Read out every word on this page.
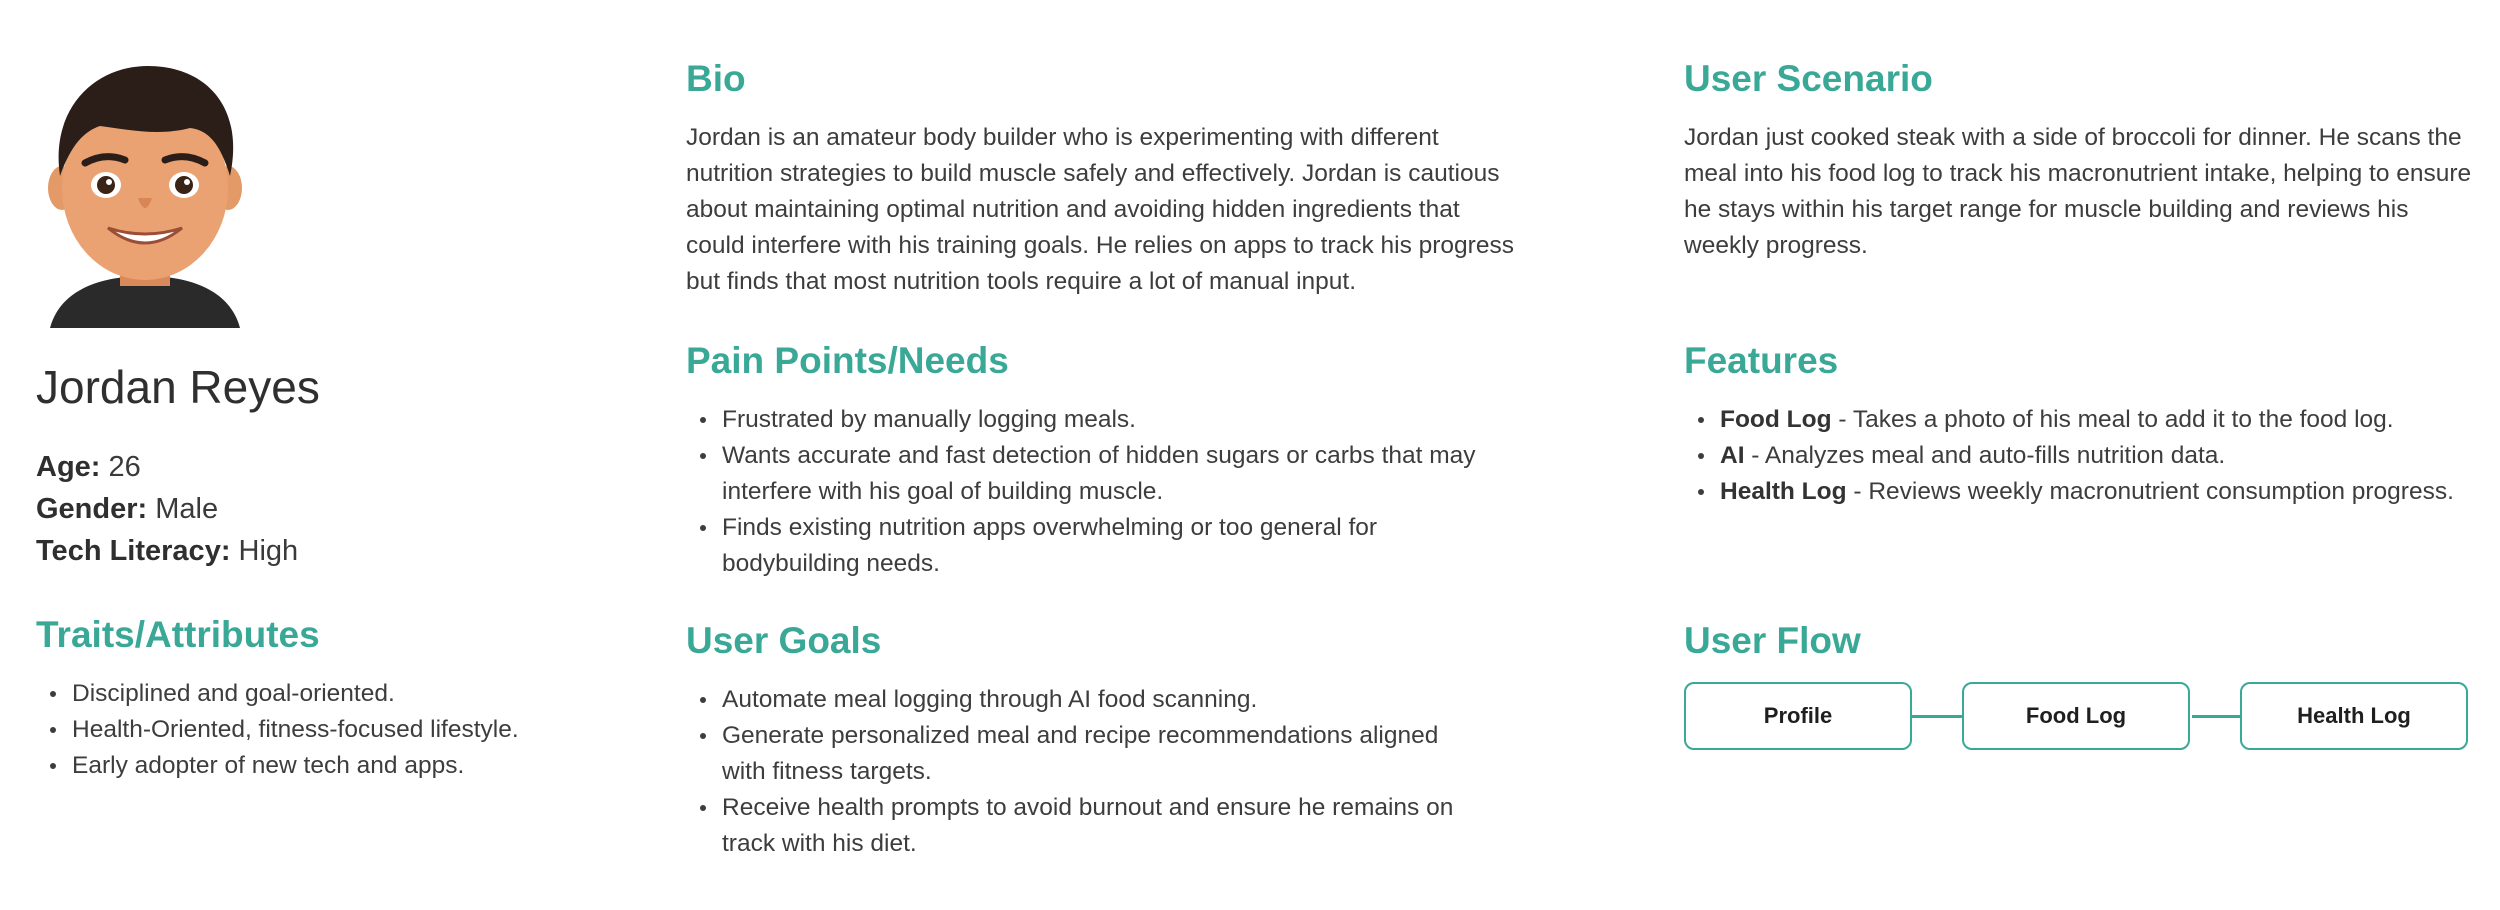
Jordan Reyes
Age: 26
Gender: Male
Tech Literacy: High
Traits/Attributes
Disciplined and goal-oriented.
Health-Oriented, fitness-focused lifestyle.
Early adopter of new tech and apps.
Bio
Jordan is an amateur body builder who is experimenting with different nutrition strategies to build muscle safely and effectively. Jordan is cautious about maintaining optimal nutrition and avoiding hidden ingredients that could interfere with his training goals. He relies on apps to track his progress but finds that most nutrition tools require a lot of manual input.
Pain Points/Needs
Frustrated by manually logging meals.
Wants accurate and fast detection of hidden sugars or carbs that may interfere with his goal of building muscle.
Finds existing nutrition apps overwhelming or too general for bodybuilding needs.
User Goals
Automate meal logging through AI food scanning.
Generate personalized meal and recipe recommendations aligned with fitness targets.
Receive health prompts to avoid burnout and ensure he remains on track with his diet.
User Scenario
Jordan just cooked steak with a side of broccoli for dinner. He scans the meal into his food log to track his macronutrient intake, helping to ensure he stays within his target range for muscle building and reviews his weekly progress.
Features
Food Log - Takes a photo of his meal to add it to the food log.
AI - Analyzes meal and auto-fills nutrition data.
Health Log - Reviews weekly macronutrient consumption progress.
User Flow
Profile	Food Log	Health Log
